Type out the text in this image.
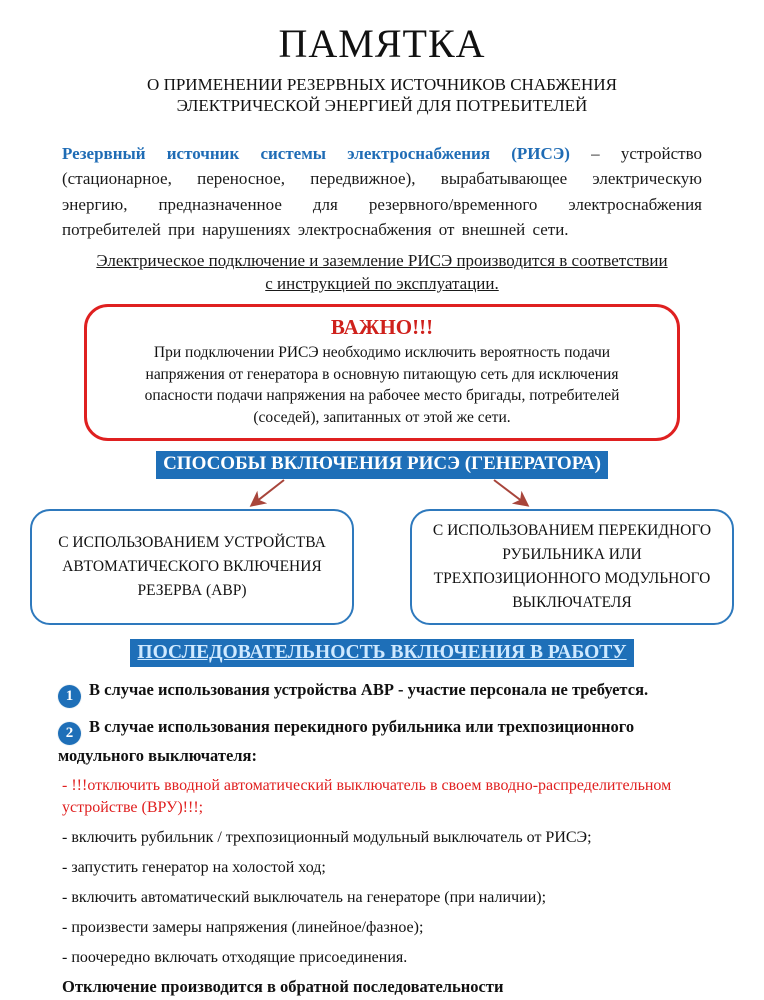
ПАМЯТКА
О ПРИМЕНЕНИИ РЕЗЕРВНЫХ ИСТОЧНИКОВ СНАБЖЕНИЯ
ЭЛЕКТРИЧЕСКОЙ ЭНЕРГИЕЙ ДЛЯ ПОТРЕБИТЕЛЕЙ

Резервный источник системы электроснабжения (РИСЭ) – устройство (стационарное, переносное, передвижное), вырабатывающее электрическую энергию, предназначенное для резервного/временного электроснабжения потребителей при нарушениях электроснабжения от внешней сети.

Электрическое подключение и заземление РИСЭ производится в соответствии с инструкцией по эксплуатации.
ВАЖНО!!!
При подключении РИСЭ необходимо исключить вероятность подачи напряжения от генератора в основную питающую сеть для исключения опасности подачи напряжения на рабочее место бригады, потребителей (соседей), запитанных от этой же сети.
СПОСОБЫ ВКЛЮЧЕНИЯ РИСЭ (ГЕНЕРАТОРА)
С ИСПОЛЬЗОВАНИЕМ УСТРОЙСТВА АВТОМАТИЧЕСКОГО ВКЛЮЧЕНИЯ РЕЗЕРВА (АВР)
С ИСПОЛЬЗОВАНИЕМ ПЕРЕКИДНОГО РУБИЛЬНИКА ИЛИ ТРЕХПОЗИЦИОННОГО МОДУЛЬНОГО ВЫКЛЮЧАТЕЛЯ
ПОСЛЕДОВАТЕЛЬНОСТЬ ВКЛЮЧЕНИЯ В РАБОТУ
1 В случае использования устройства АВР - участие персонала не требуется.
2 В случае использования перекидного рубильника или трехпозиционного модульного выключателя:
- !!!отключить вводной автоматический выключатель в своем вводно-распределительном устройстве (ВРУ)!!!;
- включить рубильник / трехпозиционный модульный выключатель от РИСЭ;
- запустить генератор на холостой ход;
- включить автоматический выключатель на генераторе (при наличии);
- произвести замеры напряжения (линейное/фазное);
- поочередно включать отходящие присоединения.
Отключение производится в обратной последовательности
